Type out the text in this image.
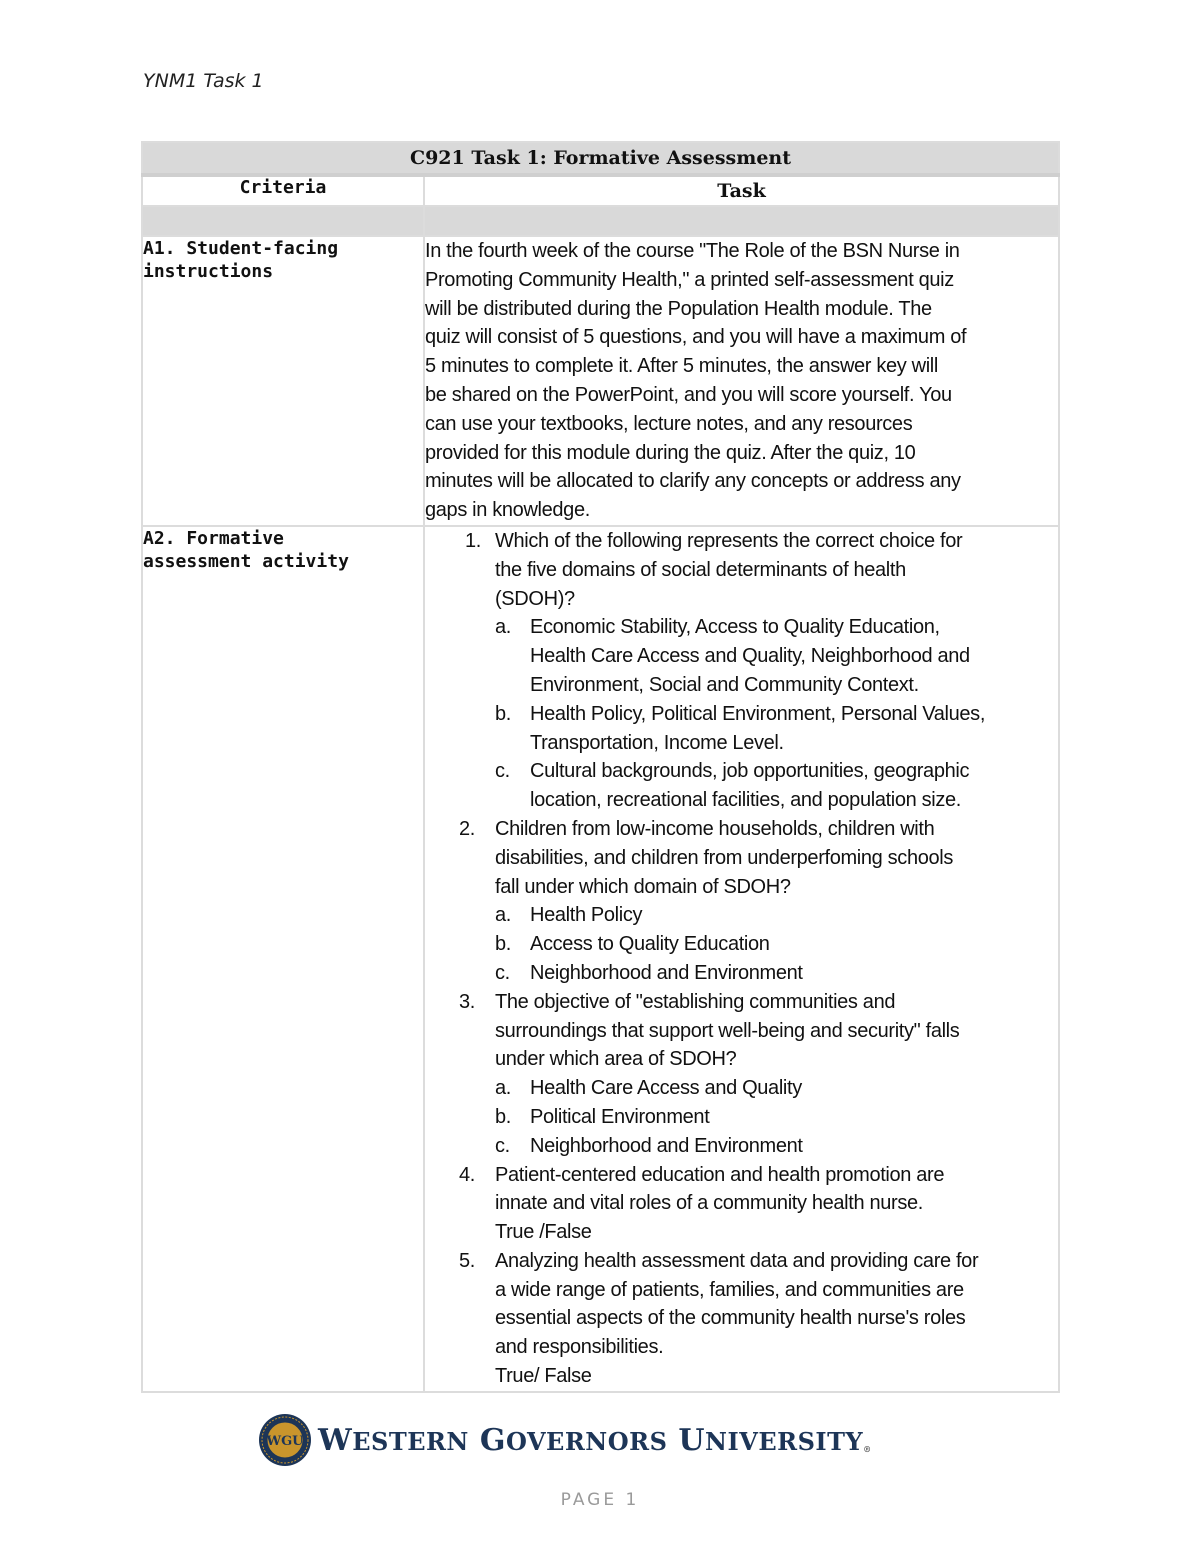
YNM1 Task 1
C921 Task 1: Formative Assessment	
Criteria	Task

A1. Student-facing
instructions

In the fourth week of the course "The Role of the BSN Nurse in
Promoting Community Health," a printed self-assessment quiz
will be distributed during the Population Health module. The
quiz will consist of 5 questions, and you will have a maximum of
5 minutes to complete it. After 5 minutes, the answer key will
be shared on the PowerPoint, and you will score yourself. You
can use your textbooks, lecture notes, and any resources
provided for this module during the quiz. After the quiz, 10
minutes will be allocated to clarify any concepts or address any
gaps in knowledge.

A2. Formative
assessment activity

1. Which of the following represents the correct choice for
the five domains of social determinants of health
(SDOH)?
a. Economic Stability, Access to Quality Education,
Health Care Access and Quality, Neighborhood and
Environment, Social and Community Context.
b. Health Policy, Political Environment, Personal Values,
Transportation, Income Level.
c. Cultural backgrounds, job opportunities, geographic
location, recreational facilities, and population size.
2. Children from low-income households, children with
disabilities, and children from underperfoming schools
fall under which domain of SDOH?
a. Health Policy
b. Access to Quality Education
c. Neighborhood and Environment
3. The objective of "establishing communities and
surroundings that support well-being and security" falls
under which area of SDOH?
a. Health Care Access and Quality
b. Political Environment
c. Neighborhood and Environment
4. Patient-centered education and health promotion are
innate and vital roles of a community health nurse.
True /False
5. Analyzing health assessment data and providing care for
a wide range of patients, families, and communities are
essential aspects of the community health nurse's roles
and responsibilities.
True/ False
WGU WESTERN GOVERNORS UNIVERSITY®
PAGE 1
